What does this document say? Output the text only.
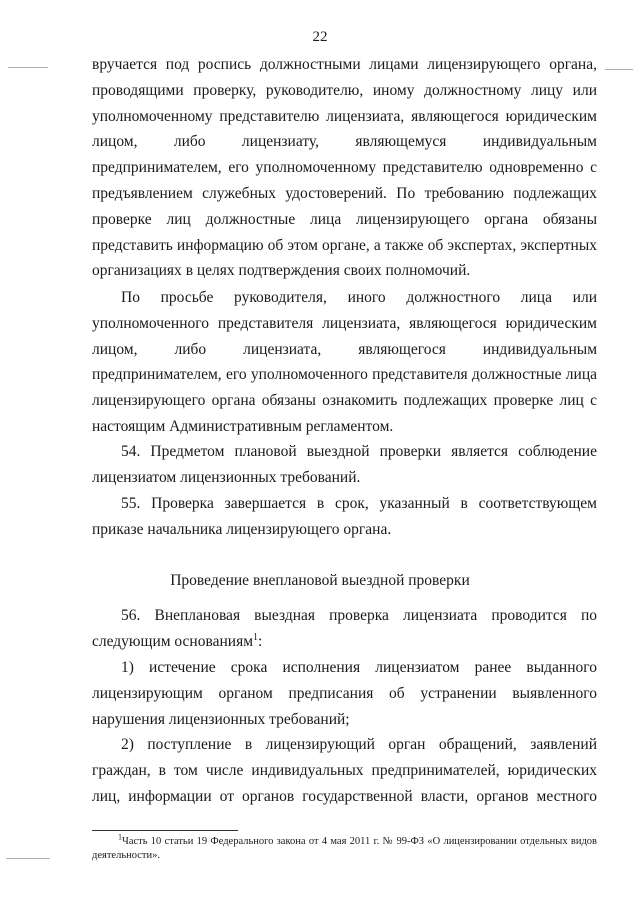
22
вручается под роспись должностными лицами лицензирующего органа, проводящими проверку, руководителю, иному должностному лицу или уполномоченному представителю лицензиата, являющегося юридическим лицом, либо лицензиату, являющемуся индивидуальным предпринимателем, его уполномоченному представителю одновременно с предъявлением служебных удостоверений. По требованию подлежащих проверке лиц должностные лица лицензирующего органа обязаны представить информацию об этом органе, а также об экспертах, экспертных организациях в целях подтверждения своих полномочий.
По просьбе руководителя, иного должностного лица или уполномоченного представителя лицензиата, являющегося юридическим лицом, либо лицензиата, являющегося индивидуальным предпринимателем, его уполномоченного представителя должностные лица лицензирующего органа обязаны ознакомить подлежащих проверке лиц с настоящим Административным регламентом.
54. Предметом плановой выездной проверки является соблюдение лицензиатом лицензионных требований.
55. Проверка завершается в срок, указанный в соответствующем приказе начальника лицензирующего органа.
Проведение внеплановой выездной проверки
56. Внеплановая выездная проверка лицензиата проводится по следующим основаниям$^1$:
1) истечение срока исполнения лицензиатом ранее выданного лицензирующим органом предписания об устранении выявленного нарушения лицензионных требований;
2) поступление в лицензирующий орган обращений, заявлений граждан, в том числе индивидуальных предпринимателей, юридических лиц, информации от органов государственной власти, органов местного
$^1$Часть 10 статьи 19 Федерального закона от 4 мая 2011 г. № 99-ФЗ «О лицензировании отдельных видов деятельности».
